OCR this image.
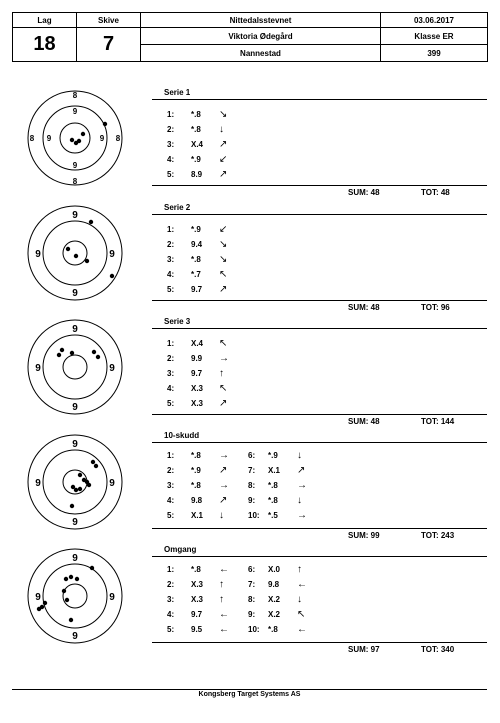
Lag	Skive	Nittedalsstevnet	03.06.2017
18	7	Viktoria Ødegård	Klasse ER
		Nannestad	399
8
9
8	8
9	9
9
8
9
9	9
9
9
9	9
9
9
9	9
9
9
9	9
9
Serie 1
1:	*.8	↘
2:	*.8	↓
3:	X.4	↗
4:	*.9	↙
5:	8.9	↗
SUM: 48	TOT: 48
Serie 2
1:	*.9	↙
2:	9.4	↘
3:	*.8	↘
4:	*.7	↖
5:	9.7	↗
SUM: 48	TOT: 96
Serie 3
1:	X.4	↖
2:	9.9	→
3:	9.7	↑
4:	X.3	↖
5:	X.3	↗
SUM: 48	TOT: 144
10-skudd
1:	*.8	→	6:	*.9	↓
2:	*.9	↗	7:	X.1	↗
3:	*.8	→	8:	*.8	→
4:	9.8	↗	9:	*.8	↓
5:	X.1	↓	10:	*.5	→
SUM: 99	TOT: 243
Omgang
1:	*.8	←	6:	X.0	↑
2:	X.3	↑	7:	9.8	←
3:	X.3	↑	8:	X.2	↓
4:	9.7	←	9:	X.2	↖
5:	9.5	←	10:	*.8	←
SUM: 97	TOT: 340
Kongsberg Target Systems AS
